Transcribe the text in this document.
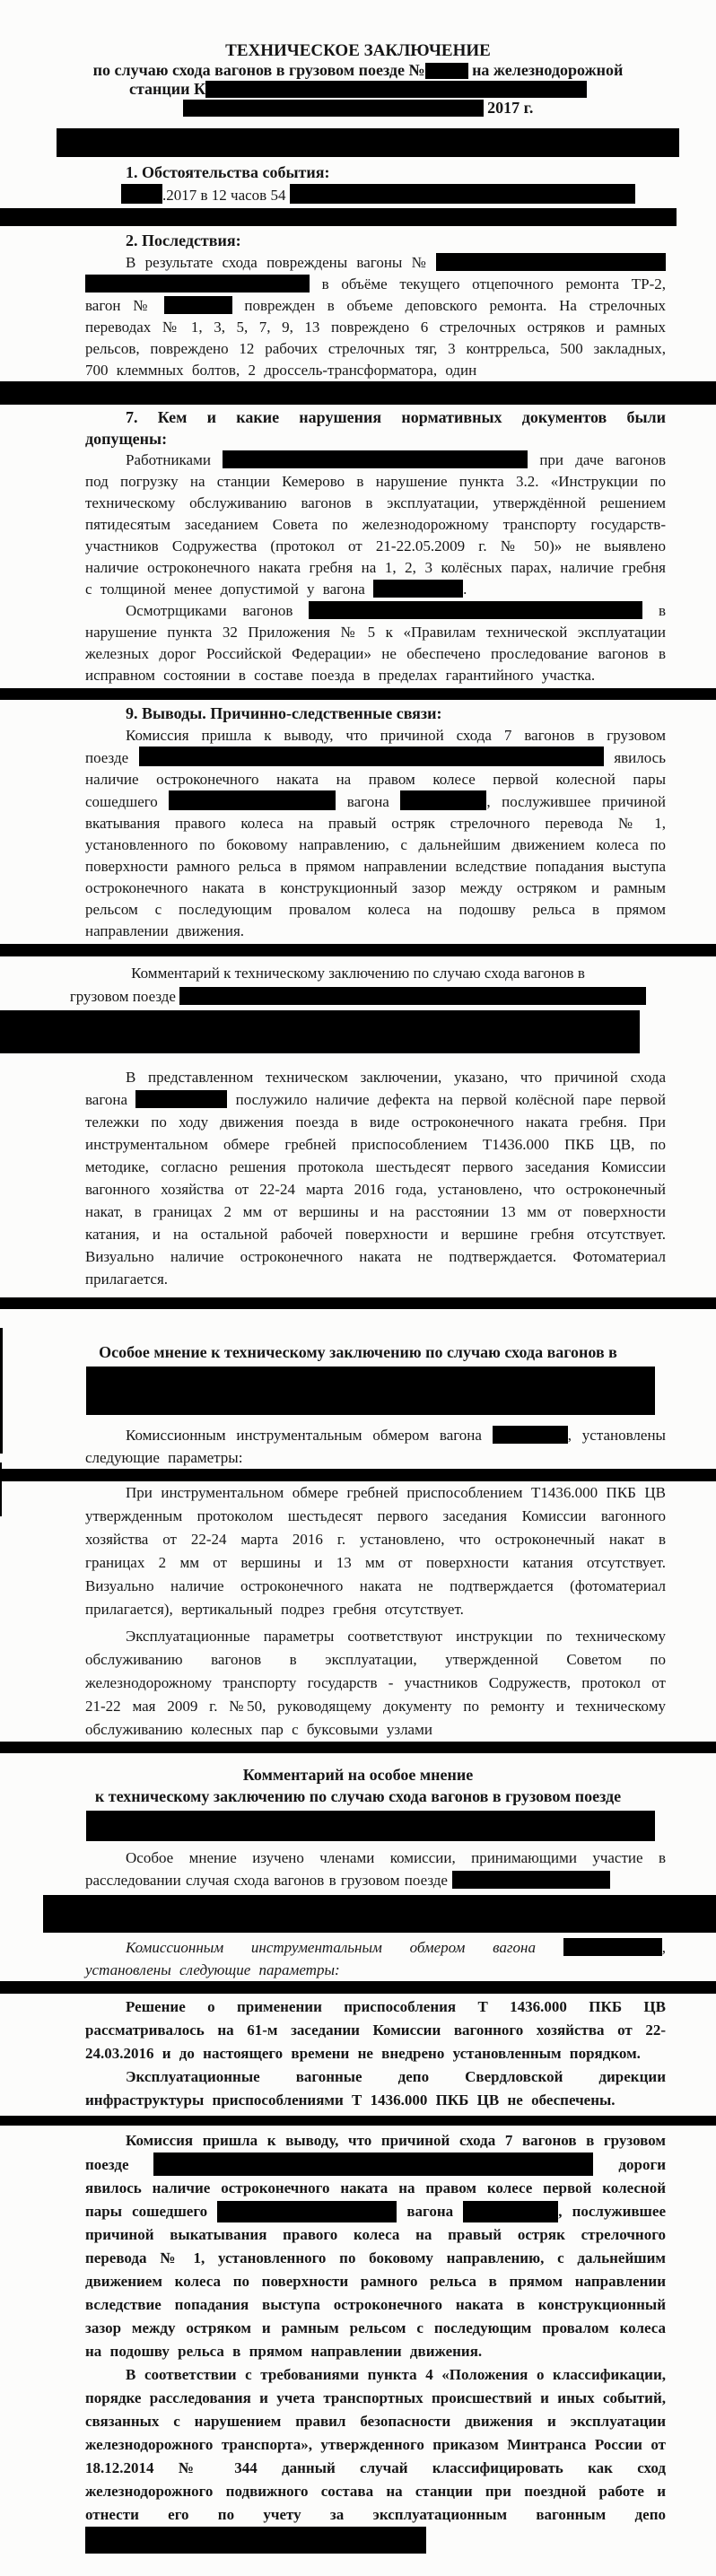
ТЕХНИЧЕСКОЕ ЗАКЛЮЧЕНИЕ
по случаю схода вагонов в грузовом поезде №	на железнодорожной
станции К
2017 г.
1. Обстоятельства события:
.2017 в 12 часов 54
2. Последствия:
В результате схода повреждены вагоны №   в объёме текущего отцепочного ремонта ТР-2, вагон №	поврежден в объеме деповского ремонта. На стрелочных переводах № 1, 3, 5, 7, 9, 13 повреждено 6 стрелочных остряков и рамных рельсов, повреждено 12 рабочих стрелочных тяг, 3 контррельса, 500 закладных, 700 клеммных болтов, 2 дроссель-трансформатора, один
7. Кем и какие нарушения нормативных документов были допущены:
Работниками	при даче вагонов под погрузку на станции Кемерово в нарушение пункта 3.2. «Инструкции по техническому обслуживанию вагонов в эксплуатации, утверждённой решением пятидесятым заседанием Совета по железнодорожному транспорту государств-участников Содружества (протокол от 21-22.05.2009 г. № 50)» не выявлено наличие остроконечного наката гребня на 1, 2, 3 колёсных парах, наличие гребня с толщиной менее допустимой у вагона	.
Осмотрщиками вагонов	в нарушение пункта 32 Приложения № 5 к «Правилам технической эксплуатации железных дорог Российской Федерации» не обеспечено проследование вагонов в исправном состоянии в составе поезда в пределах гарантийного участка.
9. Выводы. Причинно-следственные связи:
Комиссия пришла к выводу, что причиной схода 7 вагонов в грузовом поезде	явилось наличие остроконечного наката на правом колесе первой колесной пары сошедшего	вагона	, послужившее причиной вкатывания правого колеса на правый остряк стрелочного перевода № 1, установленного по боковому направлению, с дальнейшим движением колеса по поверхности рамного рельса в прямом направлении вследствие попадания выступа остроконечного наката в конструкционный зазор между остряком и рамным рельсом с последующим провалом колеса на подошву рельса в прямом направлении движения.
Комментарий к техническому заключению по случаю схода вагонов в
грузовом поезде
В представленном техническом заключении, указано, что причиной схода вагона	послужило наличие дефекта на первой колёсной паре первой тележки по ходу движения поезда в виде остроконечного наката гребня. При инструментальном обмере гребней приспособлением Т1436.000 ПКБ ЦВ, по методике, согласно решения протокола шестьдесят первого заседания Комиссии вагонного хозяйства от 22-24 марта 2016 года, установлено, что остроконечный накат, в границах 2 мм от вершины и на расстоянии 13 мм от поверхности катания, и на остальной рабочей поверхности и вершине гребня отсутствует. Визуально наличие остроконечного наката не подтверждается. Фотоматериал прилагается.
Особое мнение к техническому заключению по случаю схода вагонов в
Комиссионным инструментальным обмером вагона	, установлены следующие параметры:
При инструментальном обмере гребней приспособлением Т1436.000 ПКБ ЦВ утвержденным протоколом шестьдесят первого заседания Комиссии вагонного хозяйства от 22-24 марта 2016 г. установлено, что остроконечный накат в границах 2 мм от вершины и 13 мм от поверхности катания отсутствует. Визуально наличие остроконечного наката не подтверждается (фотоматериал прилагается), вертикальный подрез гребня отсутствует.
Эксплуатационные параметры соответствуют инструкции по техническому обслуживанию вагонов в эксплуатации, утвержденной Советом по железнодорожному транспорту государств - участников Содружеств, протокол от 21-22 мая 2009 г. №50, руководящему документу по ремонту и техническому обслуживанию колесных пар с буксовыми узлами
Комментарий на особое мнение
к техническому заключению по случаю схода вагонов в грузовом поезде
Особое мнение изучено членами комиссии, принимающими участие в расследовании случая схода вагонов в грузовом поезде
Комиссионным инструментальным обмером вагона	, установлены следующие параметры:
Решение о применении приспособления Т 1436.000 ПКБ ЦВ рассматривалось на 61-м заседании Комиссии вагонного хозяйства от 22-24.03.2016 и до настоящего времени не внедрено установленным порядком.
Эксплуатационные вагонные депо Свердловской дирекции инфраструктуры приспособлениями Т 1436.000 ПКБ ЦВ не обеспечены.
Комиссия пришла к выводу, что причиной схода 7 вагонов в грузовом поезде	дороги явилось наличие остроконечного наката на правом колесе первой колесной пары сошедшего	вагона	, послужившее причиной выкатывания правого колеса на правый остряк стрелочного перевода № 1, установленного по боковому направлению, с дальнейшим движением колеса по поверхности рамного рельса в прямом направлении вследствие попадания выступа остроконечного наката в конструкционный зазор между остряком и рамным рельсом с последующим провалом колеса на подошву рельса в прямом направлении движения.
В соответствии с требованиями пункта 4 «Положения о классификации, порядке расследования и учета транспортных происшествий и иных событий, связанных с нарушением правил безопасности движения и эксплуатации железнодорожного транспорта», утвержденного приказом Минтранса России от 18.12.2014 № 344 данный случай классифицировать как сход железнодорожного подвижного состава на станции при поездной работе и отнести его по учету за эксплуатационным вагонным депо
